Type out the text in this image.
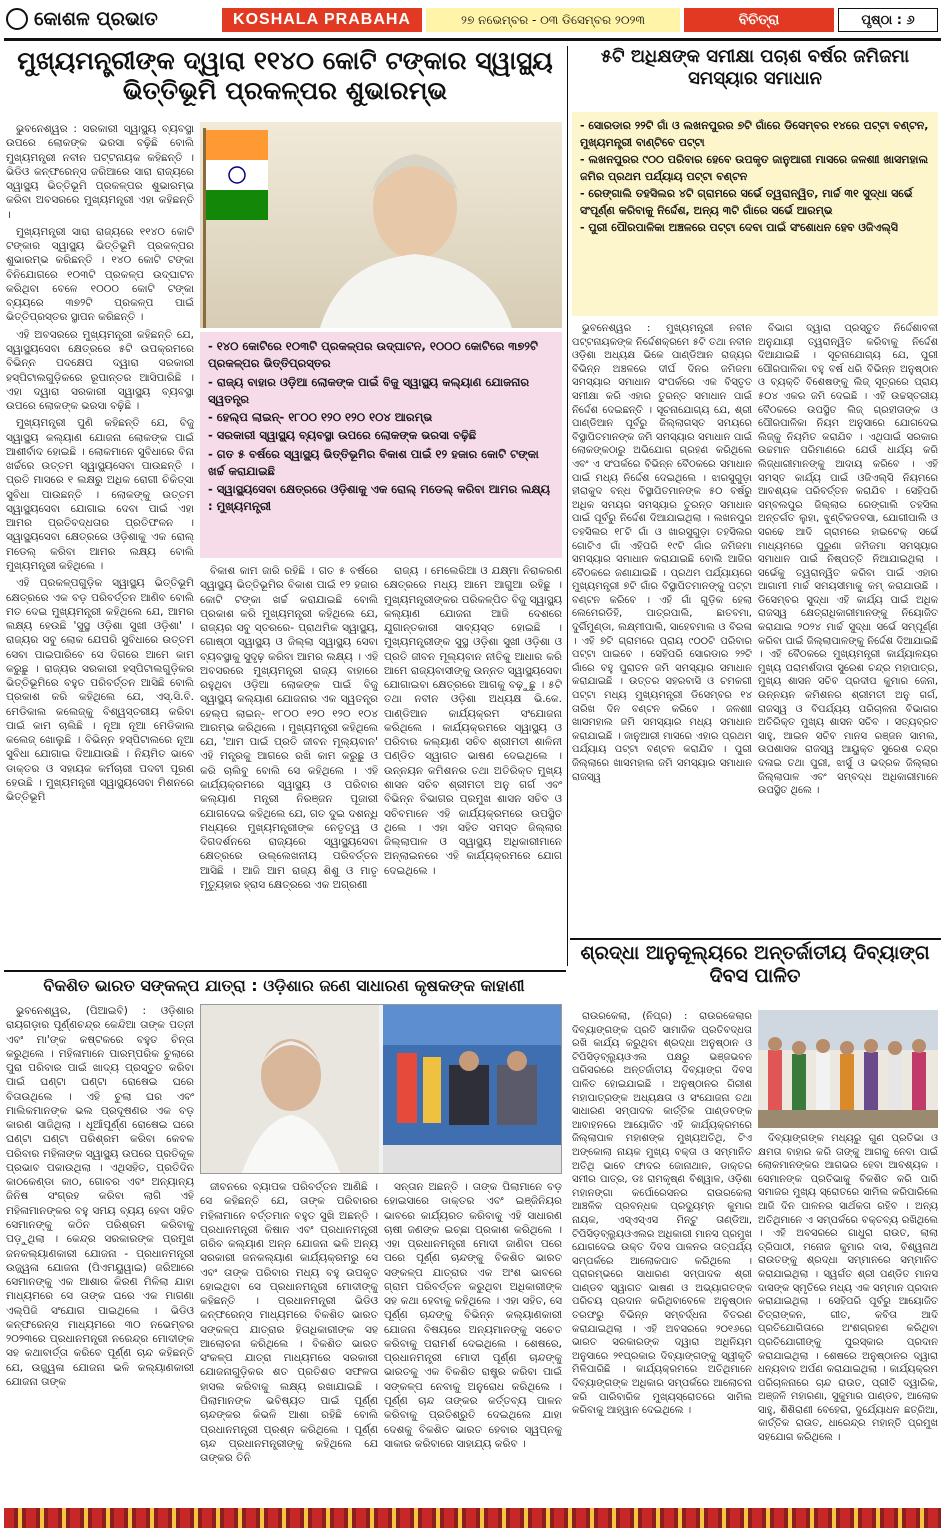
କୋଶଳ ପ୍ରଭାତ	KOSHALA PRABAHA	୨୭ ନଭେମ୍ବର - ୦୩ ଡିସେମ୍ବର ୨୦୨୩	ବିଚିତ୍ରା	ପୃଷ୍ଠା : ୬
ମୁଖ୍ୟମନ୍ତ୍ରୀଙ୍କ ଦ୍ୱାରା ୧୧୪୦ କୋଟି ଟଙ୍କାର ସ୍ୱାସ୍ଥ୍ୟ ଭିତ୍ତିଭୂମି ପ୍ରକଳ୍ପର ଶୁଭାରମ୍ଭ

ଭୁବନେଶ୍ୱର : ସରକାରୀ ସ୍ୱାସ୍ଥ୍ୟ ବ୍ୟବସ୍ଥା ଉପରେ ଲୋକଙ୍କ ଭରସା ବଢ଼ିଛି ବୋଲି ମୁଖ୍ୟମନ୍ତ୍ରୀ ନବୀନ ପଟ୍ଟନାୟକ କହିଛନ୍ତି । ଭିଡିଓ କନ୍‌ଫରେନ୍ସ ଜରିଆରେ ସାରା ରାଜ୍ୟରେ ସ୍ୱାସ୍ଥ୍ୟ ଭିତ୍ତିଭୂମି ପ୍ରକଳ୍ପର ଶୁଭାରମ୍ଭ କରିବା ଅବସରରେ ମୁଖ୍ୟମନ୍ତ୍ରୀ ଏହା କହିଛନ୍ତି ।

ମୁଖ୍ୟମନ୍ତ୍ରୀ ସାରା ରାଜ୍ୟରେ ୧୧୪୦ କୋଟି ଟଙ୍କାର ସ୍ୱାସ୍ଥ୍ୟ ଭିତ୍ତିଭୂମି ପ୍ରକଳ୍ପର ଶୁଭାରମ୍ଭ କରିଛନ୍ତି । ୧୪୦ କୋଟି ଟଙ୍କା ବିନିଯୋଗରେ ୧୦୩ଟି ପ୍ରକଳ୍ପ ଉଦ୍‌ଘାଟନ କରିଥିବା ବେଳେ ୧୦୦୦ କୋଟି ଟଙ୍କା ବ୍ୟୟରେ ୩୭୨ଟି ପ୍ରକଳ୍ପ ପାଇଁ ଭିତ୍ତିପ୍ରସ୍ତର ସ୍ଥାପନ କରିଛନ୍ତି ।

ଏହି ଅବସରରେ ମୁଖ୍ୟମନ୍ତ୍ରୀ କହିଛନ୍ତି ଯେ, ସ୍ୱାସ୍ଥ୍ୟସେବା କ୍ଷେତ୍ରରେ ୫ଟି ଉପକ୍ରମରେ ବିଭିନ୍ନ ପଦକ୍ଷେପ ଦ୍ୱାରା ସରକାରୀ ହସ୍‌ପିଟାଲଗୁଡ଼ିକରେ ରୂପାନ୍ତର ଆସିପାରିଛି । ଏହା ଦ୍ୱାରା ସରକାରୀ ସ୍ୱାସ୍ଥ୍ୟ ବ୍ୟବସ୍ଥା ଉପରେ ଲୋକଙ୍କ ଭରସା ବଢ଼ିଛି ।

ମୁଖ୍ୟମନ୍ତ୍ରୀ ପୁଣି କହିଛନ୍ତି ଯେ, ବିଜୁ ସ୍ୱାସ୍ଥ୍ୟ କଲ୍ୟାଣ ଯୋଜନା ଲୋକଙ୍କ ପାଇଁ ଆଶୀର୍ବାଦ ହୋଇଛି । ଲୋକମାନେ ସୁବିଧାରେ ବିନା ଖର୍ଚ୍ଚରେ ଉତ୍ତମ ସ୍ୱାସ୍ଥ୍ୟସେବା ପାଉଛନ୍ତି । ପ୍ରତି ମାସରେ ୧ ଲକ୍ଷରୁ ଅଧିକ ରୋଗୀ ଚିକିତ୍ସା ସୁବିଧା ପାଉଛନ୍ତି । ଲୋକଙ୍କୁ ଉତ୍ତମ ସ୍ୱାସ୍ଥ୍ୟସେବା ଯୋଗାଇ ଦେବା ପାଇଁ ଏହା ଆମର ପ୍ରତିବଦ୍ଧତାର ପ୍ରତିଫଳନ । ସ୍ୱାସ୍ଥ୍ୟସେବା କ୍ଷେତ୍ରରେ ଓଡ଼ିଶାକୁ ଏକ ରୋଲ୍ ମଡେଲ୍ କରିବା ଆମର ଲକ୍ଷ୍ୟ ବୋଲି ମୁଖ୍ୟମନ୍ତ୍ରୀ କହିଥିଲେ ।

ଏହି ପ୍ରକଳ୍ପଗୁଡ଼ିକ ସ୍ୱାସ୍ଥ୍ୟ ଭିତ୍ତିଭୂମି କ୍ଷେତ୍ରରେ ଏକ ବଡ଼ ପରିବର୍ତ୍ତନ ଆଣିବ ବୋଲି ମତ ଦେଇ ମୁଖ୍ୟମନ୍ତ୍ରୀ କହିଥିଲେ ଯେ, ଆମର ଲକ୍ଷ୍ୟ ହେଉଛି 'ସୁସ୍ଥ ଓଡ଼ିଶା ସୁଖୀ ଓଡ଼ିଶା' । ରାଜ୍ୟର ସବୁ ଲୋକ ଯେପରି ସୁବିଧାରେ ଉତ୍ତମ ସେବା ପାଇପାରିବେ ସେ ଦିଗରେ ଆମେ କାମ କରୁଛୁ । ରାଜ୍ୟର ସରକାରୀ ହସ୍‌ପିଟାଲଗୁଡ଼ିକର ଭିତ୍ତିଭୂମିରେ ବହୁତ ପରିବର୍ତ୍ତନ ଆସିଛି ବୋଲି ପ୍ରକାଶ କରି କହିଥିଲେ ଯେ, ଏସ୍.ସି.ବି. ମେଡିକାଲ କଲେଜ୍‌କୁ ବିଶ୍ୱସ୍ତରୀୟ କରିବା ପାଇଁ କାମ ଚାଲିଛି । ନୂଆ ନୂଆ ମେଡିକାଲ କଲେଜ୍ ଖୋଲୁଛି । ବିଭିନ୍ନ ହସ୍‌ପିଟାଲରେ ନୂଆ ସୁବିଧା ଯୋଗାଇ ଦିଆଯାଉଛି । ନିୟମିତ ଭାବେ ଡାକ୍ତର ଓ ସହାୟକ କର୍ମଚାରୀ ପଦବୀ ପୂରଣ ହେଉଛି । ମୁଖ୍ୟମନ୍ତ୍ରୀ ସ୍ୱାସ୍ଥ୍ୟସେବା ମିଶନରେ ଭିତ୍ତିଭୂମି

- ୧୪୦ କୋଟିରେ ୧୦୩ଟି ପ୍ରକଳ୍ପର ଉଦ୍‌ଘାଟନ, ୧୦୦୦ କୋଟିରେ ୩୭୨ଟି ପ୍ରକଳ୍ପର ଭିତ୍ତିପ୍ରସ୍ତର
- ରାଜ୍ୟ ବାହାର ଓଡ଼ିଆ ଲୋକଙ୍କ ପାଇଁ ବିଜୁ ସ୍ୱାସ୍ଥ୍ୟ କଲ୍ୟାଣ ଯୋଜନାର ସ୍ୱତନ୍ତ୍ର
- ହେଲ୍ପ ଲାଇନ୍- ୧୮୦୦ ୧୨୦ ୧୨୦ ୧୦୪ ଆରମ୍ଭ
- ସରକାରୀ ସ୍ୱାସ୍ଥ୍ୟ ବ୍ୟବସ୍ଥା ଉପରେ ଲୋକଙ୍କ ଭରସା ବଢ଼ିଛି
- ଗତ ୫ ବର୍ଷରେ ସ୍ୱାସ୍ଥ୍ୟ ଭିତ୍ତିଭୂମିର ବିକାଶ ପାଇଁ ୧୨ ହଜାର କୋଟି ଟଙ୍କା ଖର୍ଚ୍ଚ କରାଯାଇଛି
- ସ୍ୱାସ୍ଥ୍ୟସେବା କ୍ଷେତ୍ରରେ ଓଡ଼ିଶାକୁ ଏକ ରୋଲ୍ ମଡେଲ୍ କରିବା ଆମର ଲକ୍ଷ୍ୟ : ମୁଖ୍ୟମନ୍ତ୍ରୀ

ବିକାଶ କାମ ଜାରି ରହିଛି । ଗତ ୫ ବର୍ଷରେ ସ୍ୱାସ୍ଥ୍ୟ ଭିତ୍ତିଭୂମିର ବିକାଶ ପାଇଁ ୧୨ ହଜାର କୋଟି ଟଙ୍କା ଖର୍ଚ୍ଚ କରାଯାଇଛି ବୋଲି ପ୍ରକାଶ କରି ମୁଖ୍ୟମନ୍ତ୍ରୀ କହିଥିଲେ ଯେ, ରାଜ୍ୟର ସବୁ ସ୍ତରରେ- ପ୍ରାଥମିକ ସ୍ୱାସ୍ଥ୍ୟ, ଗୋଷ୍ଠୀ ସ୍ୱାସ୍ଥ୍ୟ ଓ ଜିଲ୍ଲା ସ୍ୱାସ୍ଥ୍ୟ ସେବା ବ୍ୟବସ୍ଥାକୁ ସୁଦୃଢ଼ କରିବା ଆମର ଲକ୍ଷ୍ୟ । ଏହି ଅବସରରେ ମୁଖ୍ୟମନ୍ତ୍ରୀ ରାଜ୍ୟ ବାହାରେ ରହୁଥିବା ଓଡ଼ିଆ ଲୋକଙ୍କ ପାଇଁ ବିଜୁ ସ୍ୱାସ୍ଥ୍ୟ କଲ୍ୟାଣ ଯୋଜନାର ଏକ ସ୍ୱତନ୍ତ୍ର ହେଲ୍ପ ଲାଇନ୍- ୧୮୦୦ ୧୨୦ ୧୨୦ ୧୦୪ ଆରମ୍ଭ କରିଥିଲେ । ମୁଖ୍ୟମନ୍ତ୍ରୀ କହିଥିଲେ ଯେ, 'ଆମ ପାଇଁ ପ୍ରତି ଜୀବନ ମୂଲ୍ୟବାନ' ଏହି ମନ୍ତ୍ରକୁ ଆଗରେ ରଖି କାମ କରୁଛୁ ଓ କରି ଚାଲିବୁ ବୋଲି ସେ କହିଥିଲେ । ଏହି କାର୍ଯ୍ୟକ୍ରମରେ ସ୍ୱାସ୍ଥ୍ୟ ଓ ପରିବାର କଲ୍ୟାଣ ମନ୍ତ୍ରୀ ନିରଞ୍ଜନ ପୂଜାରୀ ଯୋଗଦେଇ କହିଥିଲେ ଯେ, ଗତ ଦୁଇ ଦଶନ୍ଧି ମଧ୍ୟରେ ମୁଖ୍ୟମନ୍ତ୍ରୀଙ୍କ ନେତୃତ୍ୱ ଓ ଦିଗଦର୍ଶନରେ ରାଜ୍ୟରେ ସ୍ୱାସ୍ଥ୍ୟସେବା କ୍ଷେତ୍ରରେ ଉଲ୍ଲେଖନୀୟ ପରିବର୍ତ୍ତନ ଆସିଛି । ଆଜି ଆମ ରାଜ୍ୟ ଶିଶୁ ଓ ମାତୃ ମୃତ୍ୟୁହାର ହ୍ରାସ କ୍ଷେତ୍ରରେ ଏକ ଅଗ୍ରଣୀ

ରାଜ୍ୟ । ମେଲେରିଆ ଓ ଯକ୍ଷ୍ମା ନିରାକରଣ କ୍ଷେତ୍ରରେ ମଧ୍ୟ ଆମେ ଆଗୁଆ ରହିଛୁ । ମୁଖ୍ୟମନ୍ତ୍ରୀଙ୍କର ପରିକଳ୍ପିତ ବିଜୁ ସ୍ୱାସ୍ଥ୍ୟ କଲ୍ୟାଣ ଯୋଜନା ଆଜି ଦେଶରେ ଯୁଗାନ୍ତକାରୀ ସାବ୍ୟସ୍ତ ହୋଇଛି । ମୁଖ୍ୟମନ୍ତ୍ରୀଙ୍କ ସୁସ୍ଥ ଓଡ଼ିଶା ସୁଖୀ ଓଡ଼ିଶା ଓ ପ୍ରତି ଜୀବନ ମୂଲ୍ୟବାନ ନୀତିକୁ ଆଧାର କରି ଆମେ ରାଜ୍ୟବାସୀଙ୍କୁ ଉନ୍ନତ ସ୍ୱାସ୍ଥ୍ୟସେବା ଯୋଗାଇବା କ୍ଷେତ୍ରରେ ଆଗକୁ ବଢ଼ୁଛୁ । ୫ଟି ତଥା ନବୀନ ଓଡ଼ିଶା ଅଧ୍ୟକ୍ଷ ଭି.କେ. ପାଣ୍ଡିଆନ କାର୍ଯ୍ୟକ୍ରମ ସଂଯୋଜନା କରିଥିଲେ । କାର୍ଯ୍ୟକ୍ରମରେ ସ୍ୱାସ୍ଥ୍ୟ ଓ ପରିବାର କଲ୍ୟାଣ ସଚିବ ଶ୍ରୀମତୀ ଶାଳିନୀ ପଣ୍ଡିତ ସ୍ୱାଗତ ଭାଷଣ ଦେଇଥିଲେ । ଉନ୍ନୟନ କମିଶନର ତଥା ଅତିରିକ୍ତ ମୁଖ୍ୟ ଶାସନ ସଚିବ ଶ୍ରୀମତୀ ଅନୁ ଗର୍ଗ ଏବଂ ବିଭିନ୍ନ ବିଭାଗର ପ୍ରମୁଖ ଶାସନ ସଚିବ ଓ ସଚିବମାନେ ଏହି କାର୍ଯ୍ୟକ୍ରମରେ ଉପସ୍ଥିତ ଥିଲେ । ଏହା ସହିତ ସମସ୍ତ ଜିଲ୍ଲାର ଜିଲ୍ଲାପାଳ ଓ ସ୍ୱାସ୍ଥ୍ୟ ଅଧିକାରୀମାନେ ଅନ୍‌ଲାଇନରେ ଏହି କାର୍ଯ୍ୟକ୍ରମରେ ଯୋଗ ଦେଇଥିଲେ ।

୫ଟି ଅଧିକ୍ଷଙ୍କ ସମୀକ୍ଷା ପଚାଶ ବର୍ଷର ଜମିଜମା ସମସ୍ୟାର ସମାଧାନ
- ସୋରଡାର ୨୨ଟି ଗାଁ ଓ ଲଖନପୁରର ୭ଟି ଗାଁରେ ଡିସେମ୍ବର ୧୪ରେ ପଟ୍ଟା ବଣ୍ଟନ, ମୁଖ୍ୟମନ୍ତ୍ରୀ ବାଣ୍ଟିବେ ପଟ୍ଟା
- ଲଖନପୁରର ୯୦୦ ପରିବାର ହେବେ ଉପକୃତ ଜାନୁଆରୀ ମାସରେ ଜଳଶାୀ ଖାସମହାଲ ଜମିର ପ୍ରଥମ ପର୍ଯ୍ୟାୟ ପଟ୍ଟା ବଣ୍ଟନ
- ରେଙ୍ଗାଲି ତହସିଲର ୪ଟି ଗ୍ରାମରେ ସର୍ଭେ ତ୍ୱରାନ୍ୱିତ, ମାର୍ଚ୍ଚ ୩୧ ସୁଦ୍ଧା ସର୍ଭେ ସଂପୂର୍ଣ୍ଣ କରିବାକୁ ନିର୍ଦ୍ଦେଶ, ଅନ୍ୟ ୩ଟି ଗାଁରେ ସର୍ଭେ ଆରମ୍ଭ
- ପୁରୀ ପୌରପାଳିକା ଅଞ୍ଚଳରେ ପଟ୍ଟା ଦେବା ପାଇଁ ସଂଶୋଧନ ହେବ ଓଜିଏଲ୍‌ସି

ଭୁବନେଶ୍ୱର : ମୁଖ୍ୟମନ୍ତ୍ରୀ ନବୀନ ପଟ୍ଟନାୟକଙ୍କ ନିର୍ଦ୍ଦେଶକ୍ରମେ ୫ଟି ତଥା ନବୀନ ଓଡ଼ିଶା ଅଧ୍ୟକ୍ଷ ଭିକେ ପାଣ୍ଡିଆନ ରାଜ୍ୟର ବିଭିନ୍ନ ଅଞ୍ଚଳରେ ଦୀର୍ଘ ଦିନର ଜମିଜମା ସମସ୍ୟାର ସମାଧାନ ସଂପର୍କରେ ଏକ ବିସ୍ତୃତ ସମୀକ୍ଷା କରି ଏହାର ତୁରନ୍ତ ସମାଧାନ ପାଇଁ ନିର୍ଦ୍ଦେଶ ଦେଇଛନ୍ତି । ସୂଚନାଯୋଗ୍ୟ ଯେ, ଶ୍ରୀ ପାଣ୍ଡିଆନ ପୂର୍ବରୁ ଜିଲ୍ଲାଗସ୍ତ ସମୟରେ ବିସ୍ଥାପିତମାନଙ୍କ ଜମି ସମସ୍ୟାର ସମାଧାନ ପାଇଁ ଲୋକଙ୍କଠାରୁ ଅଭିଯୋଗ ଗ୍ରହଣ କରିଥିଲେ ଏବଂ ଏ ସଂପର୍କରେ ବିଭିନ୍ନ ବୈଠକରେ ସମାଧାନ ପାଇଁ ମଧ୍ୟ ନିର୍ଦ୍ଦେଶ ଦେଇଥିଲେ । ଝାରସୁଗୁଡ଼ା ହୀରାକୁଦ ବନ୍ଧ ବିସ୍ଥାପିତମାନଙ୍କ ୫୦ ବର୍ଷରୁ ଅଧିକ ସମୟର ସମସ୍ୟାର ତୁରନ୍ତ ସମାଧାନ ପାଇଁ ପୂର୍ବରୁ ନିର୍ଦ୍ଦେଶ ଦିଆଯାଇଥିଲା । ଲଖନପୁର ତହସିଲର ୧୮ଟି ଗାଁ ଓ ଖାରସୁଗୁଡ଼ା ତହସିଲର ଗୋଟିଏ ଗାଁ ଏହିପରି ୧୯ଟି ଗାଁର ଜମିଜମା ସମସ୍ୟାର ସମାଧାନ କରାଯାଇଛି ବୋଲି ଆଜିର ବୈଠକରେ ଜଣାଯାଇଛି । ପ୍ରଥମ ପର୍ଯ୍ୟାୟରେ ମୁଖ୍ୟମନ୍ତ୍ରୀ ୭ଟି ଗାଁର ବିସ୍ଥାପିତମାନଙ୍କୁ ପଟ୍ଟା ବଣ୍ଟନ କରିବେ । ଏହି ଗାଁ ଗୁଡ଼ିକ ହେଲା ଲେମେରଡିହି, ପାତ୍ରପାଲି, ଛାତବମା, ଦୁର୍ଗିମୁଣ୍ଡା, ଲକ୍ଷ୍ମୀପାଲି, ସାହେବମାଲ ଓ ବିରଳା । ଏହି ୭ଟି ଗ୍ରାମରେ ପ୍ରାୟ ୯୦୦ଟି ପରିବାର ପଟ୍ଟା ପାଇବେ । ସେହିପରି ସୋରଡାର ୨୨ଟି ଗାଁରେ ବହୁ ପୁରାତନ ଜମି ସମସ୍ୟାର ସମାଧାନ କରାଯାଇଛି । ଉତ୍ତର ସହରବାସି ଓ ଚମକଗୀ ପଟ୍ଟା ମଧ୍ୟ ମୁଖ୍ୟମନ୍ତ୍ରୀ ଡିସେମ୍ବର ୧୪ ତାରିଖ ଦିନ ବଣ୍ଟନ କରିବେ । ଜଳଶାୀ ଖାସମହାଲ ଜମି ସମସ୍ୟାର ମଧ୍ୟ ସମାଧାନ କରାଯାଇଛି । ଜାନୁଆରୀ ମାସରେ ଏହାର ପ୍ରଥମ ପର୍ଯ୍ୟାୟ ପଟ୍ଟା ବଣ୍ଟନ କରାଯିବ । ପୁରୀ ଜିଲ୍ଲାରେ ଖାସମହାଲ ଜମି ସମସ୍ୟାର ସମାଧାନ ରାଜସ୍ୱ

ବିଭାଗ ଦ୍ୱାରା ପ୍ରସ୍ତୁତ ନିର୍ଦ୍ଦେଶାବଳୀ ଅନୁଯାୟୀ ତ୍ୱରାନ୍ୱିତ କରିବାକୁ ନିର୍ଦ୍ଦେଶ ଦିଆଯାଇଛି । ସୂଚନାଯୋଗ୍ୟ ଯେ, ପୁରୀ ପୌରପାଳିକା ବହୁ ବର୍ଷ ଧରି ବିଭିନ୍ନ ଅନୁଷ୍ଠାନ ଓ ବ୍ୟକ୍ତି ବିଶେଷଙ୍କୁ ଲିଜ୍ ସୂତ୍ରରେ ପ୍ରାୟ ୫୦୪ ଏକର ଜମି ଦେଇଛି । ଏହି ଉଚ୍ଚସ୍ତରୀୟ ବୈଠକରେ ଉପସ୍ଥିତ ଲିଜ୍ ଗ୍ରହୀତାଙ୍କ ଓ ପୌରପାଳିକା ନିୟମ ଅନୁସାରେ ଯୋଗଦେଇ ଲିଜ୍‌କୁ ନିୟମିତ କରାଯିବ । ଏଥିପାଇଁ ସରକାର ଉଚ୍ଚମାନ ପରିମାଣରେ ଯେଉଁ ଧାର୍ଯ୍ୟ କରି ଲିଜ୍‌ଧାରୀମାନଙ୍କୁ ଆଦାୟ କରିବେ । ଏହି ସମସ୍ତ କାର୍ଯ୍ୟ ପାଇଁ ଓଜିଏଲ୍‌ସି ନିୟମରେ ଆବଶ୍ୟକ ପରିବର୍ତ୍ତନ କରାଯିବ । ସେହିପରି ସମ୍ବଲପୁର ଜିଲ୍ଲାର ରେଙ୍ଗାଲି ତହସିଲ ଅନ୍ତର୍ଗତ ଲୁହା, ଝୁଣ୍ଟିକଡବସା, ଯୋଗୀପାଲି ଓ ସରଢେ ଆଦି ଗ୍ରାମରେ ହାଇଟେକ୍ ସର୍ଭେ ମାଧ୍ୟମରେ ପୁରୁଣା ଜମିଜମା ସମସ୍ୟାର ସମାଧାନ ପାଇଁ ନିଷ୍ପତ୍ତି ନିଆଯାଇଥିଲା । ସର୍ଭେକୁ ତ୍ୱରାନ୍ୱିତ କରିବା ପାଇଁ ଏହାର ଆଗାମୀ ମାର୍ଚ୍ଚ ସମୟସୀମାକୁ କମ୍ କରାଯାଉଛି । ଡିସେମ୍ବର ସୁଦ୍ଧା ଏହି କାର୍ଯ୍ୟ ପାଇଁ ଅଧିକ ରାଜସ୍ୱ କ୍ଷେତ୍ରାଧିକାରୀମାନଙ୍କୁ ନିୟୋଜିତ କରାଯାଇ ୨୦୨୪ ମାର୍ଚ୍ଚ ସୁଦ୍ଧା ସର୍ଭେ ସମ୍ପୂର୍ଣ୍ଣ କରିବା ପାଇଁ ଜିଲ୍ଲାପାଳଙ୍କୁ ନିର୍ଦ୍ଦେଶ ଦିଆଯାଇଛି । ଏହି ବୈଠକରେ ମୁଖ୍ୟମନ୍ତ୍ରୀ କାର୍ଯ୍ୟାଳୟର ମୁଖ୍ୟ ପରାମର୍ଶଦାତା ସୁରେଶ ଚନ୍ଦ୍ର ମହାପାତ୍ର, ମୁଖ୍ୟ ଶାସନ ସଚିବ ପ୍ରଦୀପ କୁମାର ଜେନା, ଉନ୍ନୟନ କମିଶନର ଶ୍ରୀମତୀ ଅନୁ ଗର୍ଗ, ରାଜସ୍ୱ ଓ ବିପର୍ଯ୍ୟୟ ପରିଚାଳନା ବିଭାଗର ଅତିରିକ୍ତ ମୁଖ୍ୟ ଶାସନ ସଚିବ । ସତ୍ୟବ୍ରତ ସାହୁ, ଆଇନ ସଚିବ ମାନସ ରଞ୍ଜନ ସାମଲ, ଉପଶାସକ ରାଜସ୍ୱ ଆୟୁକ୍ତ ସୁରେଶ ଚନ୍ଦ୍ର ଦଳାଇ ତଥା ପୁରୀ, ଝାର୍ସୁ ଓ ଭଦ୍ରକ ଜିଲ୍ଲାର ଜିଲ୍ଲାପାଳ ଏବଂ ସମ୍ବଦ୍ଧ ଅଧିକାରୀମାନେ ଉପସ୍ଥିତ ଥିଲେ ।

ବିକଶିତ ଭାରତ ସଙ୍କଳ୍ପ ଯାତ୍ରା : ଓଡ଼ିଶାର ଜଣେ ସାଧାରଣ କୃଷକଙ୍କ କାହାଣୀ

ଭୁବନେଶ୍ୱର, (ପିଆଇବି) : ଓଡ଼ିଶାର ରାୟଗଡ଼ାର ପୂର୍ଣ୍ଣଚନ୍ଦ୍ର କେନ୍ଦିଆ ତାଙ୍କ ପତ୍ନୀ ଏବଂ ମା'ଙ୍କ କଷ୍ଟକରେ ବହୁତ ଚିନ୍ତା କରୁଥିଲେ । ମହିଳାମାନେ ପାରମ୍ପରିକ ଚୁଲାରେ ପୁରା ପରିବାର ପାଇଁ ଖାଦ୍ୟ ପ୍ରସ୍ତୁତ କରିବା ପାଇଁ ଘଣ୍ଟା ଘଣ୍ଟା ରୋଷେଇ ଘରେ ବିତାଉଥିଲେ । ଏହି ଚୁଲା ଘର ଏବଂ ମାଲିକମାନଙ୍କ ଭଲ ପ୍ରଦୂଷଣର ଏକ ବଡ଼ କାରଣ ସାଜିଥିଲା । ଧୂଆଁପୂର୍ଣ୍ଣ ରୋଷେଇ ଘରେ ଘଣ୍ଟା ଘଣ୍ଟା ପରିଶ୍ରମ କରିବା କେବଳ ପରିବାର ମହିଳାଙ୍କ ସ୍ୱାସ୍ଥ୍ୟ ଉପରେ ପ୍ରତିକୂଳ ପ୍ରଭାବ ପକାଉଥିଲା । ଏଥିସହିତ, ପ୍ରତିଦିନ କାଠକେଣ୍ଡା କାଠ, ଗୋବର ଏବଂ ଅନ୍ୟାନ୍ୟ ଜିନିଷ ସଂଗ୍ରହ କରିବା ଲାଗି ଏହି ମହିଳାମାନଙ୍କର ବହୁ ସମୟ ବ୍ୟୟ ହେବା ସହିତ ସେମାନଙ୍କୁ କଠିନ ପରିଶ୍ରମ କରିବାକୁ ପଡ଼ୁଥିଲା । କେନ୍ଦ୍ର ସରକାରଙ୍କ ପ୍ରମୁଖ ଜନକଲ୍ୟାଣକାରୀ ଯୋଜନା - ପ୍ରଧାନମନ୍ତ୍ରୀ ଉଜ୍ଜ୍ୱଳା ଯୋଜନା (ପିଏମୟୁୱାଇ) ଜରିଆରେ ସେମାନଙ୍କୁ ଏକ ଆଶାର କିରଣ ମିଳିଲା ଯାହା ମାଧ୍ୟମରେ ସେ ତାଙ୍କ ଘରେ ଏକ ମାଗଣା ଏଲ୍‌ପିଜି ସଂଯୋଗ ପାଇଥିଲେ । ଭିଡିଓ କନ୍‌ଫରେନ୍ସ ମାଧ୍ୟମରେ ୩୦ ନଭେମ୍ବର ୨୦୨୩ରେ ପ୍ରଧାନମନ୍ତ୍ରୀ ନରେନ୍ଦ୍ର ମୋଦୀଙ୍କ ସହ କଥାବାର୍ତ୍ତା କରିବେ ପୂର୍ଣ୍ଣ ଚାନ୍ଦ କହିଛନ୍ତି ଯେ, ଉଜ୍ଜ୍ୱଳା ଯୋଜନା ଭଳି କଲ୍ୟାଣକାରୀ ଯୋଜନା ତାଙ୍କ

ଜୀବନରେ ବ୍ୟାପକ ପରିବର୍ତ୍ତନ ଆଣିଛି । ସେ କହିଛନ୍ତି ଯେ, ତାଙ୍କ ପରିବାରର ମହିଳାମାନେ ବର୍ତ୍ତମାନ ବହୁତ ସୁଖି ଅଛନ୍ତି । ପ୍ରଧାନମନ୍ତ୍ରୀ କିଷାନ ଏବଂ ପ୍ରଧାନମନ୍ତ୍ରୀ ଗରିବ କଲ୍ୟାଣ ଅନ୍ନ ଯୋଜନା ଭଳି ଅନ୍ୟ ସରକାରୀ ଜନକଲ୍ୟାଣ କାର୍ଯ୍ୟକ୍ରମରୁ ସେ ଏବଂ ତାଙ୍କ ପରିବାର ମଧ୍ୟ ବହୁ ଉପକୃତ ହୋଇଥିବା ସେ ପ୍ରଧାନମନ୍ତ୍ରୀ ମୋଦୀଙ୍କୁ କହିଛନ୍ତି । ପ୍ରଧାନମନ୍ତ୍ରୀ ଭିଡିଓ କନ୍‌ଫରେନ୍ସ ମାଧ୍ୟମରେ ବିକଶିତ ଭାରତ ସଙ୍କଳ୍ପ ଯାତ୍ରାର ହିତାଧିକାରୀଙ୍କ ସହ ଆଲୋଚନା କରିଥିଲେ । ବିକଶିତ ଭାରତ ସଂକଳ୍ପ ଯାତ୍ରା ମାଧ୍ୟମରେ ସରକାରୀ ଯୋଜନାଗୁଡ଼ିକର ଶତ ପ୍ରତିଶତ ସଫଳତା ହାସଲ କରିବାକୁ ଲକ୍ଷ୍ୟ ରଖାଯାଇଛି । ପିଲାମାନଙ୍କ ଭବିଷ୍ୟତ ପାଇଁ ପୂର୍ଣ୍ଣ ଚାନ୍ଦଙ୍କର କିଭଳି ଆଶା ରହିଛି ବୋଲି ପ୍ରଧାନମନ୍ତ୍ରୀ ପ୍ରଶ୍ନ କରିଥିଲେ । ପୂର୍ଣ୍ଣ ଚାନ୍ଦ ପ୍ରଧାନମନ୍ତ୍ରୀଙ୍କୁ କହିଥିଲେ ଯେ ତାଙ୍କର ତିନି

ସନ୍ତାନ ଅଛନ୍ତି । ତାଙ୍କ ପିଲାମାନେ ବଡ଼ ହୋଇସାରେ ଡାକ୍ତର ଏବଂ ଇଞ୍ଜିନିୟର ଭାବରେ କାର୍ଯ୍ୟରତ କରିବାକୁ ଏହି ସାଧାରଣ ଚାଷୀ ଜଣଙ୍କ ଇଚ୍ଛା ପ୍ରକାଶ କରିଥିଲେ । ଏହା ପ୍ରଧାନମନ୍ତ୍ରୀ ମୋଦୀ ଜାଣିବା ପରେ ପରେ ପୂର୍ଣ୍ଣ ଚାନ୍ଦଙ୍କୁ ବିକଶିତ ଭାରତ ସଙ୍କଳ୍ପ ଯାତ୍ରାର ଏକ ଅଂଶ ଭାବରେ ଗ୍ରାମ ପରିବର୍ତ୍ତନ କରୁଥିବା ଅଧିକାରୀଙ୍କ ସହ କଥା ହେବାକୁ କହିଥିଲେ । ଏହା ସହିତ, ସେ ପୂର୍ଣ୍ଣ ଚାନ୍ଦଙ୍କୁ ବିଭିନ୍ନ କଲ୍ୟାଣକାରୀ ଯୋଜନା ବିଷୟରେ ଅନ୍ୟମାନଙ୍କୁ ସଚେତ କରିବାକୁ ପରାମର୍ଶ ଦେଇଥିଲେ । ଶେଷରେ, ପ୍ରଧାନମନ୍ତ୍ରୀ ମୋଦୀ ପୂର୍ଣ୍ଣ ଚାନ୍ଦଙ୍କୁ ଭାରତକୁ ଏକ ବିକଶିତ ରାଷ୍ଟ୍ର କରିବା ପାଇଁ ସଙ୍କଳ୍ପ ନେବାକୁ ଅନୁରୋଧ କରିଥିଲେ । ପୂର୍ଣ୍ଣ ଚାନ୍ଦ ତାଙ୍କର କର୍ତ୍ତବ୍ୟ ପାଳନ କରିବାକୁ ପ୍ରତିଶ୍ରୁତି ଦେଇଥିଲେ ଯାହା ଦେଶକୁ ବିକଶିତ ଭାରତ ହେବାର ସ୍ୱପ୍ନକୁ ସାକାର କରିବାରେ ସାହାଯ୍ୟ କରିବ ।

ଶ୍ରଦ୍ଧା ଆନୁକୂଲ୍ୟରେ ଅନ୍ତର୍ଜାତୀୟ ଦିବ୍ୟାଙ୍ଗ ଦିବସ ପାଳିତ

ରାଉରକେଲା, (ନିପ୍ର) : ରାଉରକେଲାର ଦିବ୍ୟାଙ୍ଗଙ୍କ ପ୍ରତି ସାମାଜିକ ପ୍ରତିବଦ୍ଧତା ରଖି କାର୍ଯ୍ୟ କରୁଥିବା ଶ୍ରଦ୍ଧା ଅନୁଷ୍ଠାନ ଓ ଟିପିସିଡ଼ବ୍ଲ୍ୟୁଓଏଲ ପକ୍ଷରୁ ଭଞ୍ଜଭବନ ପରିସରରେ ଅନ୍ତର୍ଜାତୀୟ ଦିବ୍ୟାଙ୍ଗ ଦିବସ ପାଳିତ ହୋଇଯାଇଛି । ଅନୁଷ୍ଠାନର ଗିରୀଶ ମହାପାତ୍ରଙ୍କ ଅଧ୍ୟକ୍ଷତା ଓ ସଂଯୋଜନା ତଥା ସାଧାରଣ ସମ୍ପାଦକ କାର୍ତ୍ତିକ ପାଣ୍ଡବଙ୍କ ଆବାହନରେ ଆୟୋଜିତ ଏହି କାର୍ଯ୍ୟକ୍ରମରେ ଜିଲ୍ଲାପାଳ ମହାଶଙ୍କ ମୁଖ୍ୟଅତିଥି, ଟିଏ ଅଙ୍କୋଲା ନାୟକ ମୁଖ୍ୟ ବକ୍ତା ଓ ସମ୍ମାନିତ ଅତିଥି ଭାବେ ଫାଦର ଜୋନାଥାନ, ଡାକ୍ତର ସମୀର ପାତ୍ର, ଡଃ ରାମକୃଷ୍ଣ ବିଶ୍ୱାଳ, ଓଡ଼ିଶା ମହାନଙ୍ଗା କର୍ପୋରେସନର ରାଉରକେଲା ଆଞ୍ଚଳିକ ପ୍ରବନ୍ଧକ ପ୍ରଦ୍ୟୁମ୍ନ କୁମାର ନାୟକ, ଏସ୍‌ଏସ୍‌ଏସ ମିନ୍ଟୁ ତାଣ୍ଡିଆ, ଟିପିସିଡ଼ବ୍ଲ୍ୟୁଓଏଲର ଅଧିକାରୀ ମାନସ ପ୍ରମୁଖ ଯୋଗଦେଇ ଉକ୍ତ ଦିବସ ପାଳନର ତାତ୍ପର୍ଯ୍ୟ ସମ୍ପର୍କରେ ଆଲୋକପାତ କରିଥିଲେ । ପ୍ରାରମ୍ଭରେ ସାଧାରଣ ସମ୍ପାଦକ ଶ୍ରୀ ପାଣ୍ଡବ ସ୍ୱାଗତ ଭାଷଣ ଓ ଅଭ୍ୟାଗତଙ୍କ ପରିଚୟ ପ୍ରଦାନ କରିଥିବାବେଳେ ଅନୁଷ୍ଠାନ ତରଫରୁ ବିଭିନ୍ନ ସମ୍ବର୍ଦ୍ଧନା ବିତରଣ କରାଯାଇଥିଲା । ଏହି ଅବସରରେ ୨୦୧୬ରେ ଭାରତ ସରକାରଙ୍କ ଦ୍ୱାରା ଅଧିନିୟମ ଅନୁସାରେ ୨୧ପ୍ରକାର ଦିବ୍ୟାଙ୍ଗଙ୍କୁ ସ୍ୱୀକୃତି ମିଳିପାରିଛି । କାର୍ଯ୍ୟକ୍ରମରେ ଅତିଥିମାନେ ଦିବ୍ୟାଙ୍ଗଙ୍କ ଅଧିକାର ସମ୍ପର୍କରେ ଆଲୋଚନା କରି ପାରିବାରିକ ମୁଖ୍ୟସ୍ରୋତରେ ସାମିଲ କରିବାକୁ ଆହ୍ୱାନ ଦେଇଥିଲେ ।

ଦିବ୍ୟାଙ୍ଗଙ୍କ ମଧ୍ୟରୁ ଗୁଣ ପ୍ରତିଭା ଓ କ୍ଷମତା ବାହାର କରି ତାଙ୍କୁ ଆଗକୁ ନେବା ପାଇଁ ଲୋକମାନଙ୍କର ଆଗଭର ହେବା ଆବଶ୍ୟକ । ସେମାନଙ୍କ ପ୍ରତିଭାକୁ ବିକଶିତ କରି ପାରି ସମାଜର ମୁଖ୍ୟ ସ୍ରୋତରେ ସାମିଲ କରିପାରିଲେ ଆଜି ଦିନ ପାଳନର ସାର୍ଥକତା ରହିବ । ଅନ୍ୟ ଅତିଥିମାନେ ଏ ସମ୍ପର୍କରେ ବକ୍ତବ୍ୟ ରଖିଥିଲେ । ଏହି ଅବସରରେ ଗାଧୁରା ରାଉତ, ଲାଲା ତ୍ରିପାଠୀ, ମନୋଜ କୁମାର ଦାସ, ବିଶ୍ୱନାଥ ରାଉତଙ୍କୁ ଶ୍ରଦ୍ଧା ସମ୍ମାନରେ ସମ୍ମାନିତ କରାଯାଇଥିଲା । ସ୍ୱର୍ଗତ ଶ୍ରୀ ପଣ୍ଡିତ ମାନସ ଦାସଙ୍କ ସ୍ମୃତିରେ ମଧ୍ୟ ଏକ ସମ୍ମାନ ପ୍ରଦାନ କରାଯାଇଥିଲା । ସେହିପରି ପୂର୍ବରୁ ଆୟୋଜିତ ଚିତ୍ରାଙ୍କନ, ଗୀତ, କବିତା ଆଦି ପ୍ରତିଯୋଗିତାରେ ଅଂଶଗ୍ରହଣ କରିଥିବା ପ୍ରତିଯୋଗୀଙ୍କୁ ପୁରସ୍କାର ପ୍ରଦାନ କରାଯାଇଥିଲା । ଶେଷରେ ଅନୁଷ୍ଠାନର ଦ୍ୱାରା ଧନ୍ୟବାଦ ଅର୍ପଣ କରାଯାଇଥିଲା । କାର୍ଯ୍ୟକ୍ରମ ପରିଚାଳନାରେ ଚାନ୍ଦ ରାଉତ, ପ୍ରୀତି ଦ୍ୱାରିକ, ଅଞ୍ଜଳି ମହାରଣା, ସୁକୁମାର ପାଣ୍ଡବ, ଆଲୋକ ସାହୁ, ଶିଶିରାଣୀ ବେହେରା, ଦୁର୍ଯ୍ୟୋଧନ ଛତ୍ରିଆ, କାର୍ତ୍ତିକ ରାଉତ, ଧାରେନ୍ଦ୍ର ମହାନ୍ତି ପ୍ରମୁଖ ସହଯୋଗ କରିଥିଲେ ।
